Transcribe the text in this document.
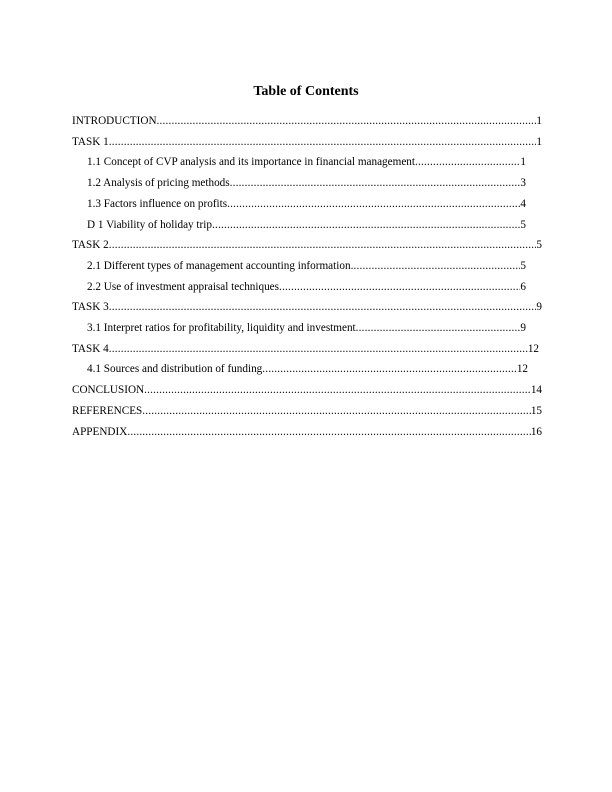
Table of Contents
INTRODUCTION .....	1
TASK 1 .....	1
1.1 Concept of CVP analysis and its importance in financial management .....	1
1.2 Analysis of pricing methods .....	3
1.3 Factors influence on profits .....	4
D 1 Viability of holiday trip .....	5
TASK 2 .....	5
2.1 Different types of management accounting information .....	5
2.2 Use of investment appraisal techniques .....	6
TASK 3 .....	9
3.1 Interpret ratios for profitability, liquidity and investment .....	9
TASK 4 .....	12
4.1 Sources and distribution of funding .....	12
CONCLUSION .....	14
REFERENCES .....	15
APPENDIX .....	16
